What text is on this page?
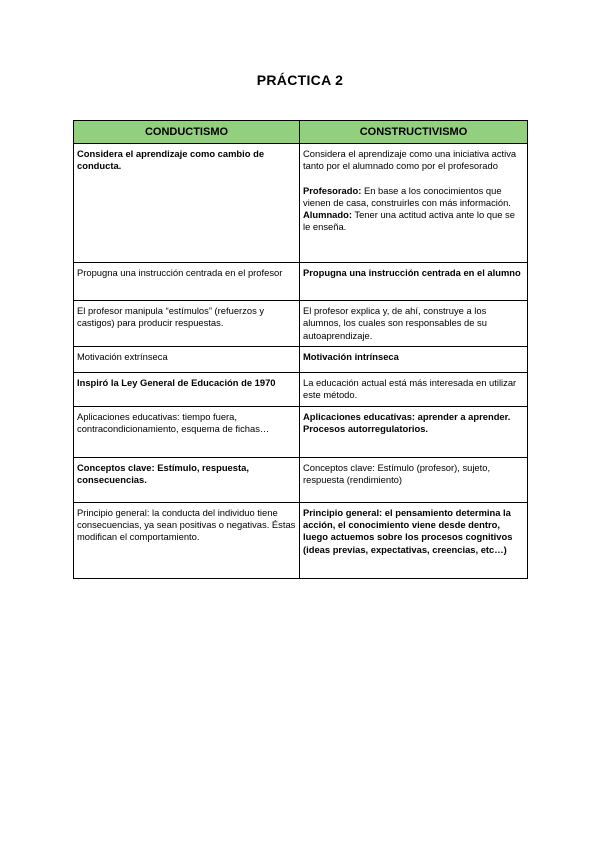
PRÁCTICA 2
CONDUCTISMO	CONSTRUCTIVISMO
Considera el aprendizaje como cambio de conducta.	Considera el aprendizaje como una iniciativa activa tanto por el alumnado como por el profesorado

Profesorado: En base a los conocimientos que vienen de casa, construirles con más información.

Alumnado: Tener una actitud activa ante lo que se le enseña.

Propugna una instrucción centrada en el profesor	Propugna una instrucción centrada en el alumno
El profesor manipula “estímulos” (refuerzos y castigos) para producir respuestas.	El profesor explica y, de ahí, construye a los alumnos, los cuales son responsables de su autoaprendizaje.
Motivación extrínseca	Motivación intrínseca
Inspiró la Ley General de Educación de 1970	La educación actual está más interesada en utilizar este método.
Aplicaciones educativas: tiempo fuera, contracondicionamiento, esquema de fichas…	Aplicaciones educativas: aprender a aprender. Procesos autorregulatorios.
Conceptos clave: Estímulo, respuesta, consecuencias.	Conceptos clave: Estímulo (profesor), sujeto, respuesta (rendimiento)
Principio general: la conducta del individuo tiene consecuencias, ya sean positivas o negativas. Éstas modifican el comportamiento.	Principio general: el pensamiento determina la acción, el conocimiento viene desde dentro, luego actuemos sobre los procesos cognitivos (ideas previas, expectativas, creencias, etc…)
